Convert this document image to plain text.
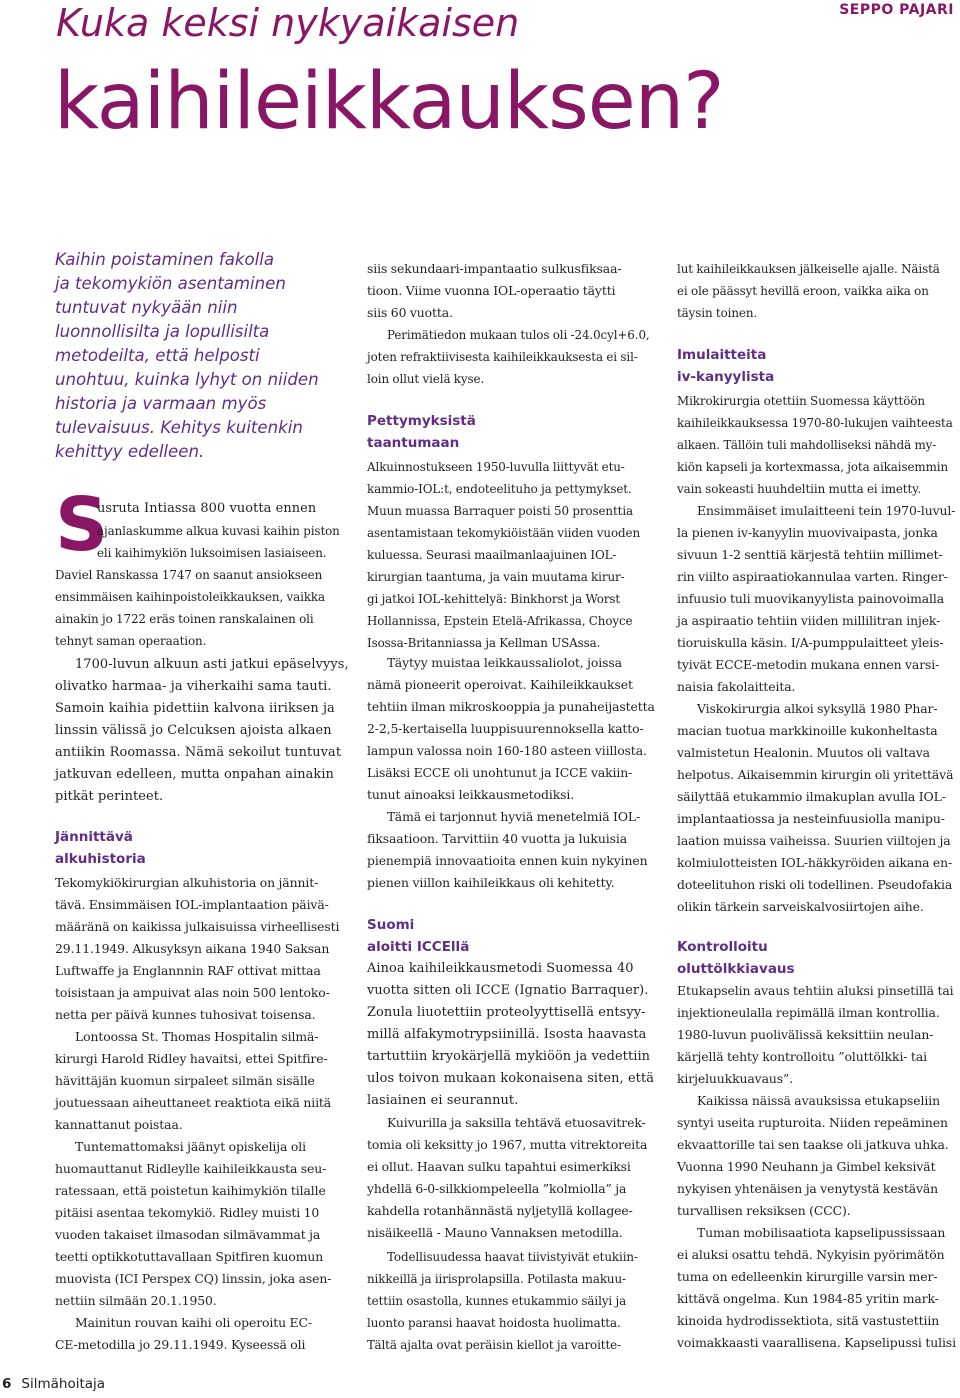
Kuka keksi nykyaikaisen
kaihileikkauksen?
SEPPO PAJARI

Kaihin poistaminen fakolla
ja tekomykiön asentaminen
tuntuvat nykyään niin
luonnollisilta ja lopullisilta
metodeilta, että helposti
unohtuu, kuinka lyhyt on niiden
historia ja varmaan myös
tulevaisuus. Kehitys kuitenkin
kehittyy edelleen.

S
usruta Intiassa 800 vuotta ennen
ajanlaskumme alkua kuvasi kaihin piston
eli kaihimykiön luksoimisen lasiaiseen.
Daviel Ranskassa 1747 on saanut ansiokseen
ensimmäisen kaihinpoistoleikkauksen, vaikka
ainakin jo 1722 eräs toinen ranskalainen oli
tehnyt saman operaation.
1700-luvun alkuun asti jatkui epäselvyys,
olivatko harmaa- ja viherkaihi sama tauti.
Samoin kaihia pidettiin kalvona iiriksen ja
linssin välissä jo Celcuksen ajoista alkaen
antiikin Roomassa. Nämä sekoilut tuntuvat
jatkuvan edelleen, mutta onpahan ainakin
pitkät perinteet.
Jännittävä
alkuhistoria
Tekomykiökirurgian alkuhistoria on jännit-
tävä. Ensimmäisen IOL-implantaation päivä-
määränä on kaikissa julkaisuissa virheellisesti
29.11.1949. Alkusyksyn aikana 1940 Saksan
Luftwaffe ja Englannnin RAF ottivat mittaa
toisistaan ja ampuivat alas noin 500 lentoko-
netta per päivä kunnes tuhosivat toisensa.
Lontoossa St. Thomas Hospitalin silmä-
kirurgi Harold Ridley havaitsi, ettei Spitfire-
hävittäjän kuomun sirpaleet silmän sisälle
joutuessaan aiheuttaneet reaktiota eikä niitä
kannattanut poistaa.
Tuntemattomaksi jäänyt opiskelija oli
huomauttanut Ridleylle kaihileikkausta seu-
ratessaan, että poistetun kaihimykiön tilalle
pitäisi asentaa tekomykiö. Ridley muisti 10
vuoden takaiset ilmasodan silmävammat ja
teetti optikkotuttavallaan Spitfiren kuomun
muovista (ICI Perspex CQ) linssin, joka asen-
nettiin silmään 20.1.1950.
Mainitun rouvan kaihi oli operoitu EC-
CE-metodilla jo 29.11.1949. Kyseessä oli
siis sekundaari-impantaatio sulkusfiksaa-
tioon. Viime vuonna IOL-operaatio täytti
siis 60 vuotta.
Perimätiedon mukaan tulos oli -24.0cyl+6.0,
joten refraktiivisesta kaihileikkauksesta ei sil-
loin ollut vielä kyse.
Pettymyksistä
taantumaan
Alkuinnostukseen 1950-luvulla liittyvät etu-
kammio-IOL:t, endoteelituho ja pettymykset.
Muun muassa Barraquer poisti 50 prosenttia
asentamistaan tekomykiöistään viiden vuoden
kuluessa. Seurasi maailmanlaajuinen IOL-
kirurgian taantuma, ja vain muutama kirur-
gi jatkoi IOL-kehittelyä: Binkhorst ja Worst
Hollannissa, Epstein Etelä-Afrikassa, Choyce
Isossa-Britanniassa ja Kellman USAssa.
Täytyy muistaa leikkaussaliolot, joissa
nämä pioneerit operoivat. Kaihileikkaukset
tehtiin ilman mikroskooppia ja punaheijastetta
2-2,5-kertaisella luuppisuurennoksella katto-
lampun valossa noin 160-180 asteen viillosta.
Lisäksi ECCE oli unohtunut ja ICCE vakiin-
tunut ainoaksi leikkausmetodiksi.
Tämä ei tarjonnut hyviä menetelmiä IOL-
fiksaatioon. Tarvittiin 40 vuotta ja lukuisia
pienempiä innovaatioita ennen kuin nykyinen
pienen viillon kaihileikkaus oli kehitetty.
Suomi
aloitti ICCEllä
Ainoa kaihileikkausmetodi Suomessa 40
vuotta sitten oli ICCE (Ignatio Barraquer).
Zonula liuotettiin proteolyyttisellä entsyy-
millä alfakymotrypsiinillä. Isosta haavasta
tartuttiin kryokärjellä mykiöön ja vedettiin
ulos toivon mukaan kokonaisena siten, että
lasiainen ei seurannut.
Kuivurilla ja saksilla tehtävä etuosavitrek-
tomia oli keksitty jo 1967, mutta vitrektoreita
ei ollut. Haavan sulku tapahtui esimerkiksi
yhdellä 6-0-silkkiompeleella ”kolmiolla” ja
kahdella rotanhännästä nyljetyllä kollagee-
nisäikeellä - Mauno Vannaksen metodilla.
Todellisuudessa haavat tiivistyivät etukiin-
nikkeillä ja iirisprolapsilla. Potilasta makuu-
tettiin osastolla, kunnes etukammio säilyi ja
luonto paransi haavat hoidosta huolimatta.
Tältä ajalta ovat peräisin kiellot ja varoitte-
lut kaihileikkauksen jälkeiselle ajalle. Näistä
ei ole päässyt hevillä eroon, vaikka aika on
täysin toinen.
Imulaitteita
iv-kanyylista
Mikrokirurgia otettiin Suomessa käyttöön
kaihileikkauksessa 1970-80-lukujen vaihteesta
alkaen. Tällöin tuli mahdolliseksi nähdä my-
kiön kapseli ja kortexmassa, jota aikaisemmin
vain sokeasti huuhdeltiin mutta ei imetty.
Ensimmäiset imulaitteeni tein 1970-luvul-
la pienen iv-kanyylin muovivaipasta, jonka
sivuun 1-2 senttiä kärjestä tehtiin millimet-
rin viilto aspiraatiokannulaa varten. Ringer-
infuusio tuli muovikanyylista painovoimalla
ja aspiraatio tehtiin viiden millilitran injek-
tioruiskulla käsin. I/A-pumppulaitteet yleis-
tyivät ECCE-metodin mukana ennen varsi-
naisia fakolaitteita.
Viskokirurgia alkoi syksyllä 1980 Phar-
macian tuotua markkinoille kukonheltasta
valmistetun Healonin. Muutos oli valtava
helpotus. Aikaisemmin kirurgin oli yritettävä
säilyttää etukammio ilmakuplan avulla IOL-
implantaatiossa ja nesteinfuusiolla manipu-
laation muissa vaiheissa. Suurien viiltojen ja
kolmiulotteisten IOL-häkkyröiden aikana en-
doteelituhon riski oli todellinen. Pseudofakia
olikin tärkein sarveiskalvosiirtojen aihe.
Kontrolloitu
oluttölkkiavaus
Etukapselin avaus tehtiin aluksi pinsetillä tai
injektioneulalla repimällä ilman kontrollia.
1980-luvun puolivälissä keksittiin neulan-
kärjellä tehty kontrolloitu ”oluttölkki- tai
kirjeluukkuavaus”.
Kaikissa näissä avauksissa etukapseliin
syntyi useita rupturoita. Niiden repeäminen
ekvaattorille tai sen taakse oli jatkuva uhka.
Vuonna 1990 Neuhann ja Gimbel keksivät
nykyisen yhtenäisen ja venytystä kestävän
turvallisen reksiksen (CCC).
Tuman mobilisaatiota kapselipussissaan
ei aluksi osattu tehdä. Nykyisin pyörimätön
tuma on edelleenkin kirurgille varsin mer-
kittävä ongelma. Kun 1984-85 yritin mark-
kinoida hydrodissektiota, sitä vastustettiin
voimakkaasti vaarallisena. Kapselipussi tulisi
6 Silmähoitaja
